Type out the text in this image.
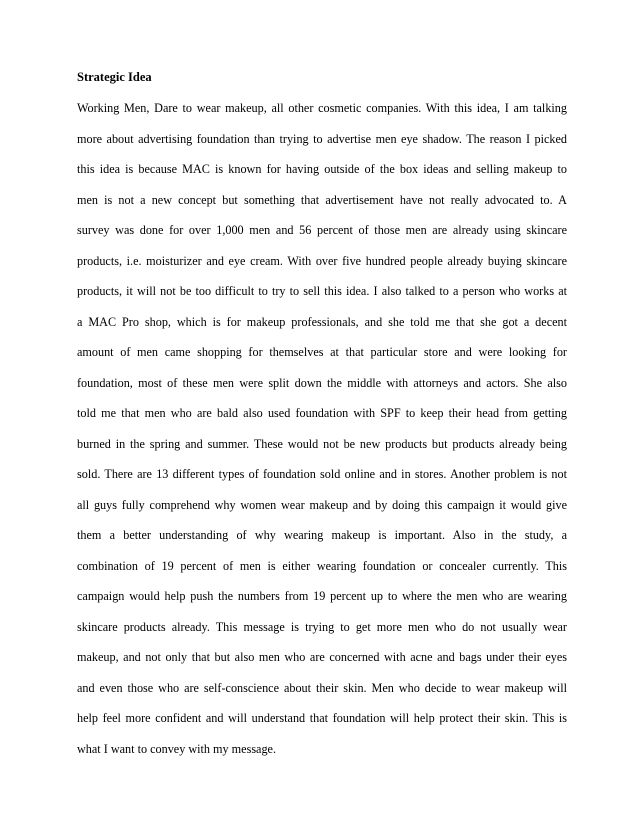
Strategic Idea
Working Men, Dare to wear makeup, all other cosmetic companies. With this idea, I am talking
more about advertising foundation than trying to advertise men eye shadow. The reason I picked
this idea is because MAC is known for having outside of the box ideas and selling makeup to
men is not a new concept but something that advertisement have not really advocated to. A
survey was done for over 1,000 men and 56 percent of those men are already using skincare
products, i.e. moisturizer and eye cream. With over five hundred people already buying skincare
products, it will not be too difficult to try to sell this idea. I also talked to a person who works at
a MAC Pro shop, which is for makeup professionals, and she told me that she got a decent
amount of men came shopping for themselves at that particular store and were looking for
foundation, most of these men were split down the middle with attorneys and actors. She also
told me that men who are bald also used foundation with SPF to keep their head from getting
burned in the spring and summer. These would not be new products but products already being
sold. There are 13 different types of foundation sold online and in stores. Another problem is not
all guys fully comprehend why women wear makeup and by doing this campaign it would give
them a better understanding of why wearing makeup is important. Also in the study, a
combination of 19 percent of men is either wearing foundation or concealer currently. This
campaign would help push the numbers from 19 percent up to where the men who are wearing
skincare products already. This message is trying to get more men who do not usually wear
makeup, and not only that but also men who are concerned with acne and bags under their eyes
and even those who are self-conscience about their skin. Men who decide to wear makeup will
help feel more confident and will understand that foundation will help protect their skin. This is
what I want to convey with my message.
